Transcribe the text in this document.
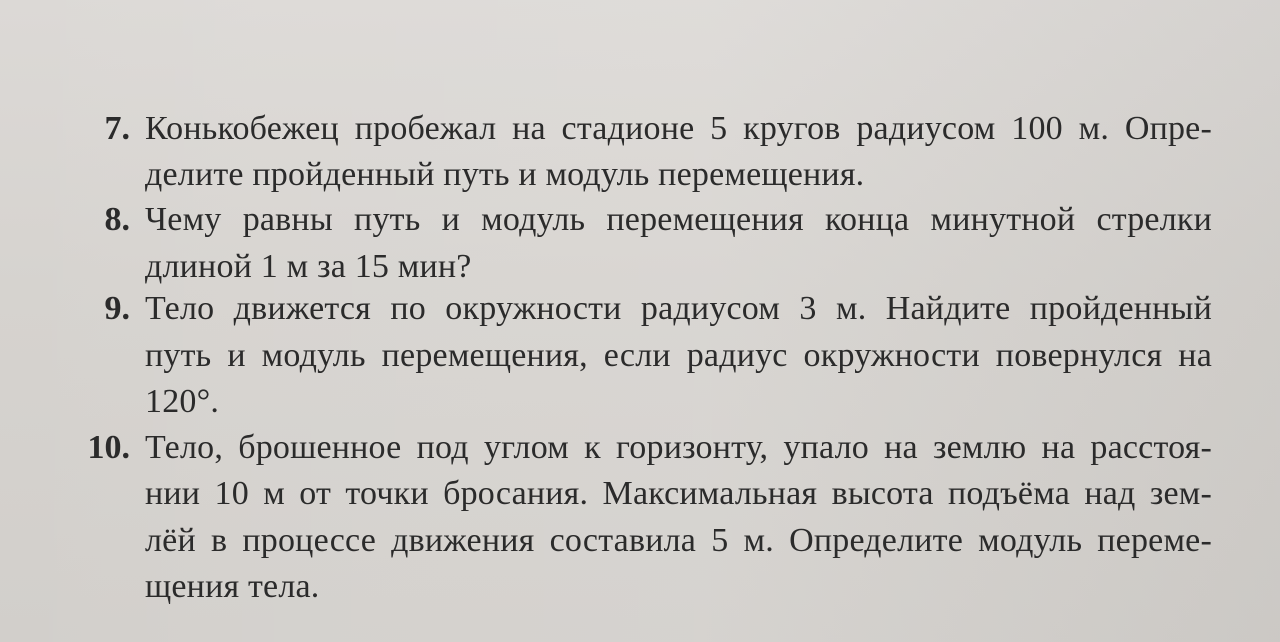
7. Конькобежец пробежал на стадионе 5 кругов радиусом 100 м. Опре-
делите пройденный путь и модуль перемещения.
8. Чему равны путь и модуль перемещения конца минутной стрелки
длиной 1 м за 15 мин?
9. Тело движется по окружности радиусом 3 м. Найдите пройденный
путь и модуль перемещения, если радиус окружности повернулся на
120°.
10. Тело, брошенное под углом к горизонту, упало на землю на расстоя-
нии 10 м от точки бросания. Максимальная высота подъёма над зем-
лёй в процессе движения составила 5 м. Определите модуль переме-
щения тела.
